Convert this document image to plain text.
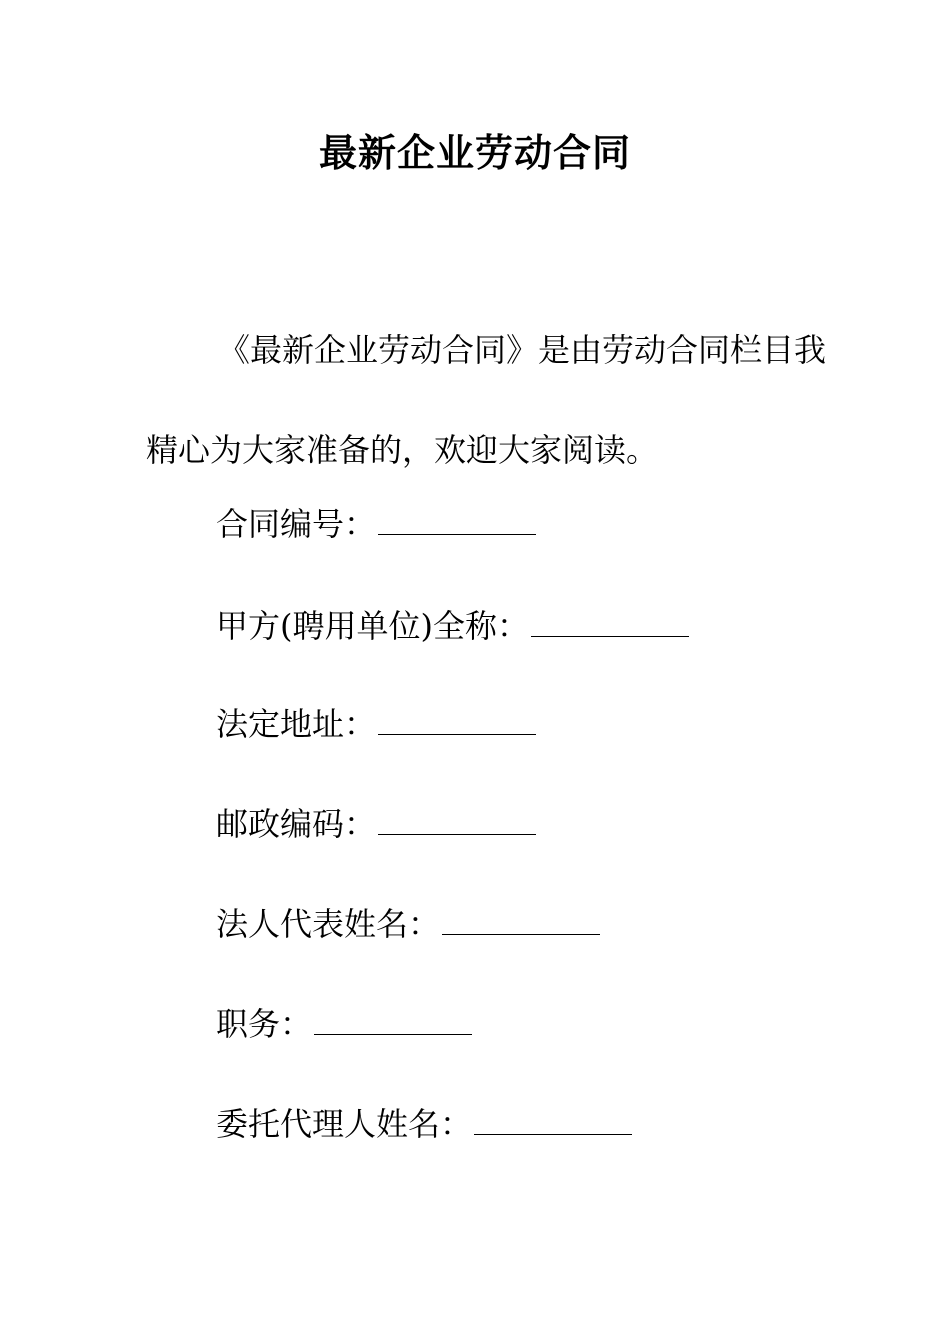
最新企业劳动合同
《最新企业劳动合同》是由劳动合同栏目我精心为大家准备的，欢迎大家阅读。
合同编号：
甲方(聘用单位)全称：
法定地址：
邮政编码：
法人代表姓名：
职务：
委托代理人姓名：
